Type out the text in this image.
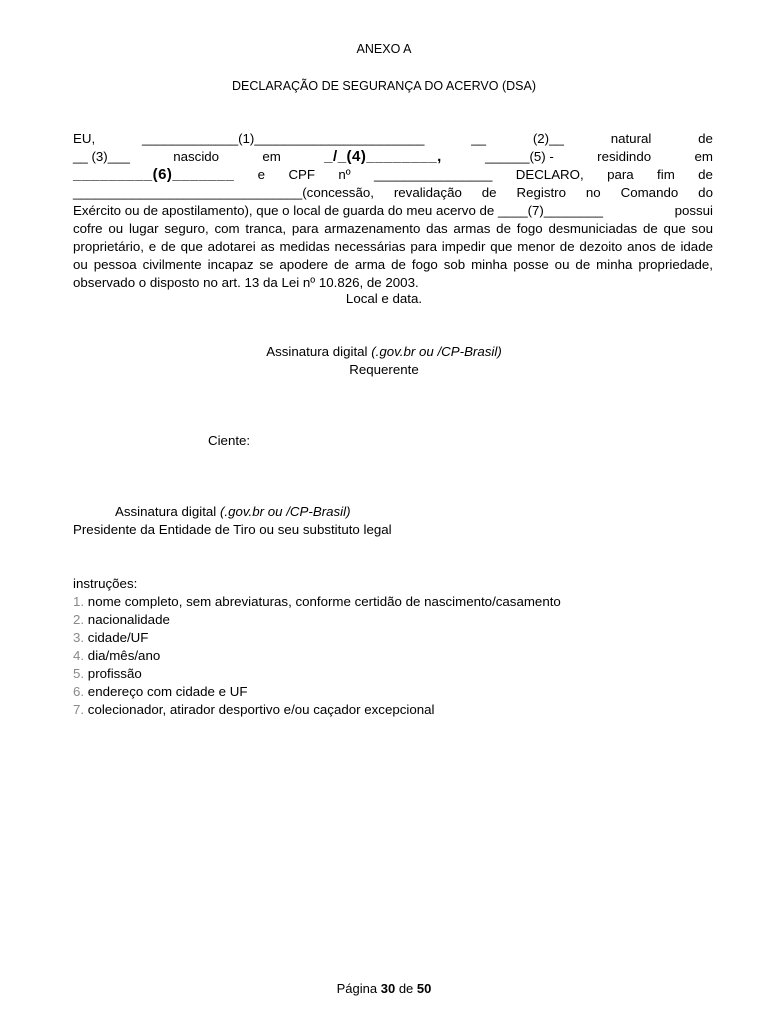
ANEXO A
DECLARAÇÃO DE SEGURANÇA DO ACERVO (DSA)
EU,	_____________(1)_______________________	__	(2)__	natural	de
__ (3)___	nascido	em	_/_(4)________,	______(5) -	residindo	em
_________(6)_______ e CPF nº ________________ DECLARO, para fim de
_______________________________(concessão, revalidação de Registro no Comando do
Exército ou de apostilamento), que o local de guarda do meu acervo de ____(7)________	possui
cofre ou lugar seguro, com tranca, para armazenamento das armas de fogo desmuniciadas de que sou proprietário, e de que adotarei as medidas necessárias para impedir que menor de dezoito anos de idade ou pessoa civilmente incapaz se apodere de arma de fogo sob minha posse ou de minha propriedade, observado o disposto no art. 13 da Lei nº 10.826, de 2003.
Local e data.
Assinatura digital (.gov.br ou /CP-Brasil)
Requerente
Ciente:
Assinatura digital (.gov.br ou /CP-Brasil)
Presidente da Entidade de Tiro ou seu substituto legal
instruções:
1. nome completo, sem abreviaturas, conforme certidão de nascimento/casamento
2. nacionalidade
3. cidade/UF
4. dia/mês/ano
5. profissão
6. endereço com cidade e UF
7. colecionador, atirador desportivo e/ou caçador excepcional
Página 30 de 50
